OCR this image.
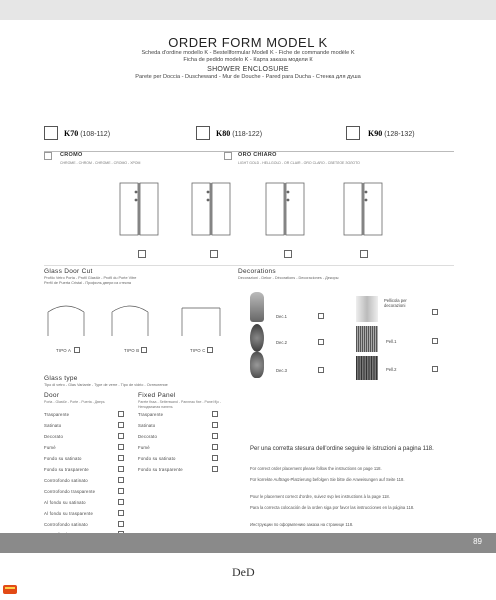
ORDER FORM MODEL K
Scheda d'ordine modello K - Bestellformular Modell K - Fiche de commande modèle K
Ficha de pedido modelo K - Карта заказа модели К
SHOWER ENCLOSURE
Parete per Doccia - Duschewand - Mur de Douche - Pared para Ducha - Стенка для душа
K70 (108-112)	K80 (118-122)	K90 (128-132)
CROMO
CHROME - CHROM - CHROME - CROMO - ХРОМ
ORO CHIARO
LIGHT GOLD - HELLGOLD - OR CLAIR - ORO CLARO - СВЕТЛОЕ ЗОЛОТО
Glass Door Cut
Profilo Vetro Porta - Profil Glastür - Profil du Porte Vitre
Perfil de Puerta Cristal - Профиль двери из стекла
TIPO A	TIPO B	TIPO C
Decorations
Decorazioni - Dekor - Décorations - Decoraciones - Декоры
Dec.1
Dec.2
Dec.3
Pellicola per decorazioni
Pell.1
Pell.2
Glass type
Tipo di vetro - Glas Variante - Type de verre - Tipo de vidrio - Остекление
Door
Porta - Glastür - Porte - Puerta - Дверь
Trasparente
Satinato
Decorato
Fumè
Fondo su satinato
Fondo su trasparente
Controfondo satinato
Controfondo trasparente
Al fondo su satinato
Al fondo su trasparente
Controfondo satinato
Fixed Panel
Parete fissa - Seitenwand - Panneau fixe - Panel fijo - Неподвижная панель
Trasparente
Satinato
Decorato
Fumè
Fondo su satinato
Fondo su trasparente
Per una corretta stesura dell'ordine seguire le istruzioni a pagina 118.
For correct order placement please follow the instructions on page 118.
Für korrekte Auftrags-Platzierung befolgen Sie bitte die Anweisungen auf Seite 118.
Pour le placement correct d'ordre, suivez svp les instructions à la page 118.
Para la correcta colocación de la orden siga por favor las instrucciones en la página 118.
Инструкции по оформлению заказа на странице 118.
89
DeD
